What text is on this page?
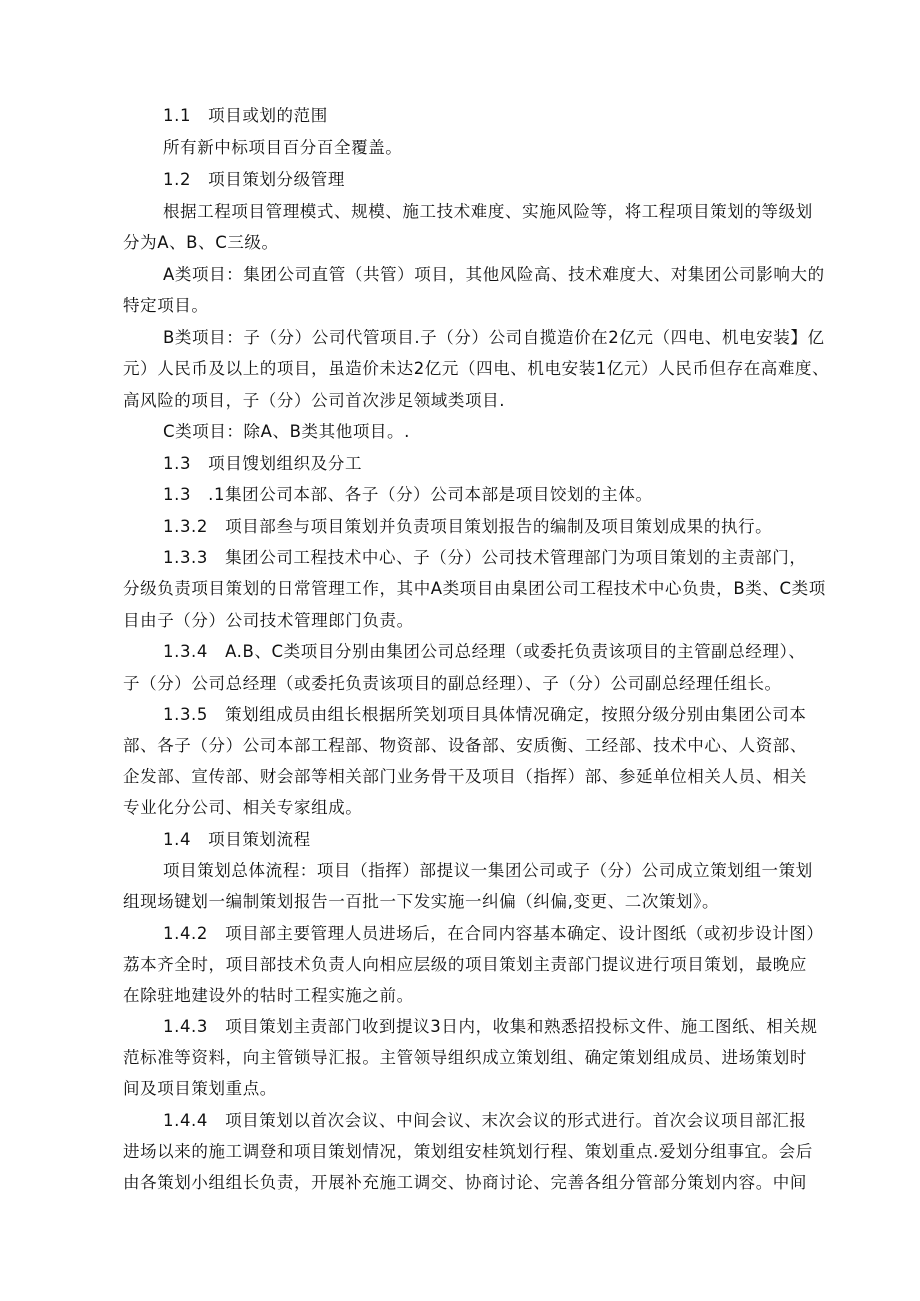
1.1　项目或划的范围
所有新中标项目百分百全覆盖。
1.2　项目策划分级管理
根据工程项目管理模式、规模、施工技术难度、实施风险等，将工程项目策划的等级划
分为A、B、C三级。
A类项目：集团公司直管（共管）项目，其他风险高、技术难度大、对集团公司影响大的
特定项目。
B类项目：子（分）公司代管项目.子（分）公司自揽造价在2亿元（四电、机电安装】亿
元）人民币及以上的项目，虽造价未达2亿元（四电、机电安装1亿元）人民币但存在高难度、
高风险的项目，子（分）公司首次涉足领域类项目.
C类项目：除A、B类其他项目。.
1.3　项目馊划组织及分工
1.3　.1集团公司本部、各子（分）公司本部是项目饺划的主体。
1.3.2　项目部叁与项目策划并负责项目策划报告的编制及项目策划成果的执行。
1.3.3　集团公司工程技术中心、子（分）公司技术管理部门为项目策划的主责部门，
分级负责项目策划的日常管理工作，其中A类项目由臬团公司工程技术中心负贵，B类、C类项
目由子（分）公司技术管理郎门负责。
1.3.4　A.B、C类项目分别由集团公司总经理（或委托负责该项目的主管副总经理）、
子（分）公司总经理（或委托负责该项目的副总经理）、子（分）公司副总经理任组长。
1.3.5　策划组成员由组长根据所笑划项目具体情况确定，按照分级分别由集团公司本
部、各子（分）公司本部工程部、物资部、设备部、安质衡、工经部、技术中心、人资部、
企发部、宣传部、财会部等相关部门业务骨干及项目（指挥）部、参延单位相关人员、相关
专业化分公司、相关专家组成。
1.4　项目策划流程
项目策划总体流程：项目（指挥）部提议一集团公司或子（分）公司成立策划组一策划
组现场键划一编制策划报告一百批一下发实施一纠偏（纠偏,变更、二次策划》。
1.4.2　项目部主要管理人员进场后，在合同内容基本确定、设计图纸（或初步设计图）
荔本齐全时，项目部技术负责人向相应层级的项目策划主责部门提议进行项目策划，最晚应
在除驻地建设外的牯时工程实施之前。
1.4.3　项目策划主责部门收到提议3日内，收集和熟悉招投标文件、施工图纸、相关规
范标准等资料，向主管锁导汇报。主管领导组织成立策划组、确定策划组成员、进场策划时
间及项目策划重点。
1.4.4　项目策划以首次会议、中间会议、末次会议的形式进行。首次会议项目部汇报
进场以来的施工调登和项目策划情况，策划组安桂筑划行程、策划重点.爱划分组事宜。会后
由各策划小组组长负责，开展补充施工调交、协商讨论、完善各组分管部分策划内容。中间
